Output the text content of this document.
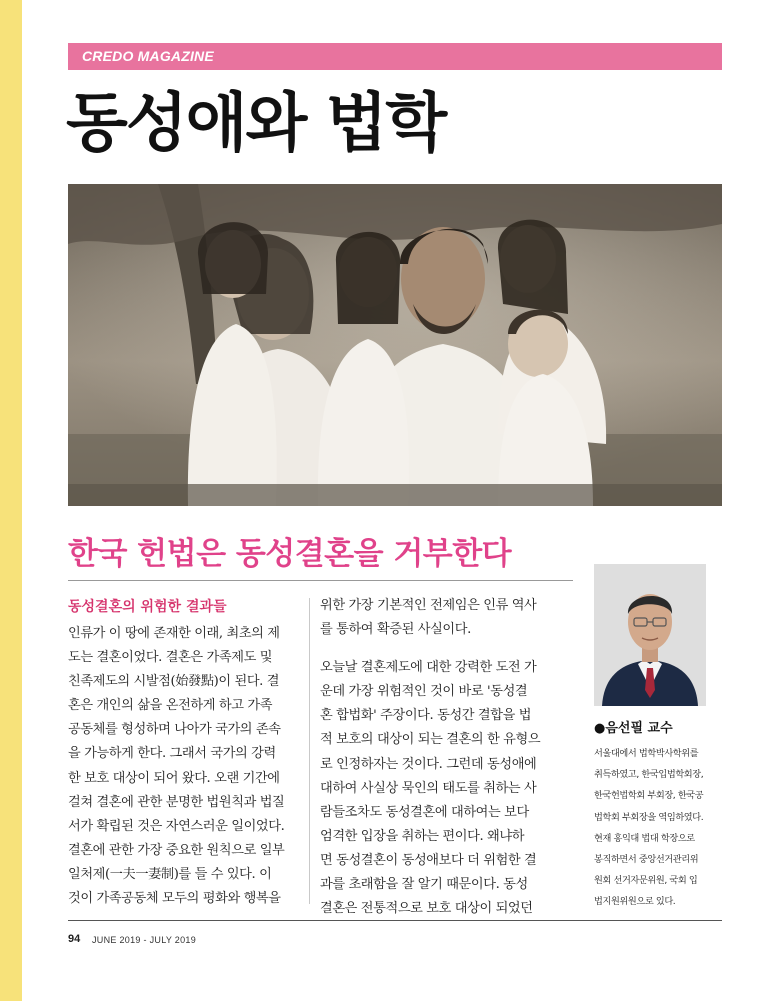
CREDO MAGAZINE
동성애와 법학
한국 헌법은 동성결혼을 거부한다
동성결혼의 위험한 결과들

인류가 이 땅에 존재한 이래, 최초의 제

도는 결혼이었다. 결혼은 가족제도 및

친족제도의 시발점(始發點)이 된다. 결

혼은 개인의 삶을 온전하게 하고 가족

공동체를 형성하며 나아가 국가의 존속

을 가능하게 한다. 그래서 국가의 강력

한 보호 대상이 되어 왔다. 오랜 기간에

걸쳐 결혼에 관한 분명한 법원칙과 법질

서가 확립된 것은 자연스러운 일이었다.

결혼에 관한 가장 중요한 원칙으로 일부

일처제(一夫一妻制)를 들 수 있다. 이

것이 가족공동체 모두의 평화와 행복을

위한 가장 기본적인 전제임은 인류 역사

를 통하여 확증된 사실이다.

오늘날 결혼제도에 대한 강력한 도전 가

운데 가장 위험적인 것이 바로 '동성결

혼 합법화' 주장이다. 동성간 결합을 법

적 보호의 대상이 되는 결혼의 한 유형으

로 인정하자는 것이다. 그런데 동성애에

대하여 사실상 묵인의 태도를 취하는 사

람들조차도 동성결혼에 대하여는 보다

엄격한 입장을 취하는 편이다. 왜냐하

면 동성결혼이 동성애보다 더 위험한 결

과를 초래함을 잘 알기 때문이다. 동성

결혼은 전통적으로 보호 대상이 되었던

●음선필 교수

서울대에서 법학박사학위를

취득하였고, 한국입법학회장,

한국헌법학회 부회장, 한국공

법학회 부회장을 역임하였다.

현재 홍익대 법대 학장으로

봉직하면서 중앙선거관리위

원회 선거자문위원, 국회 입

법지원위원으로 있다.

94 JUNE 2019 - JULY 2019
